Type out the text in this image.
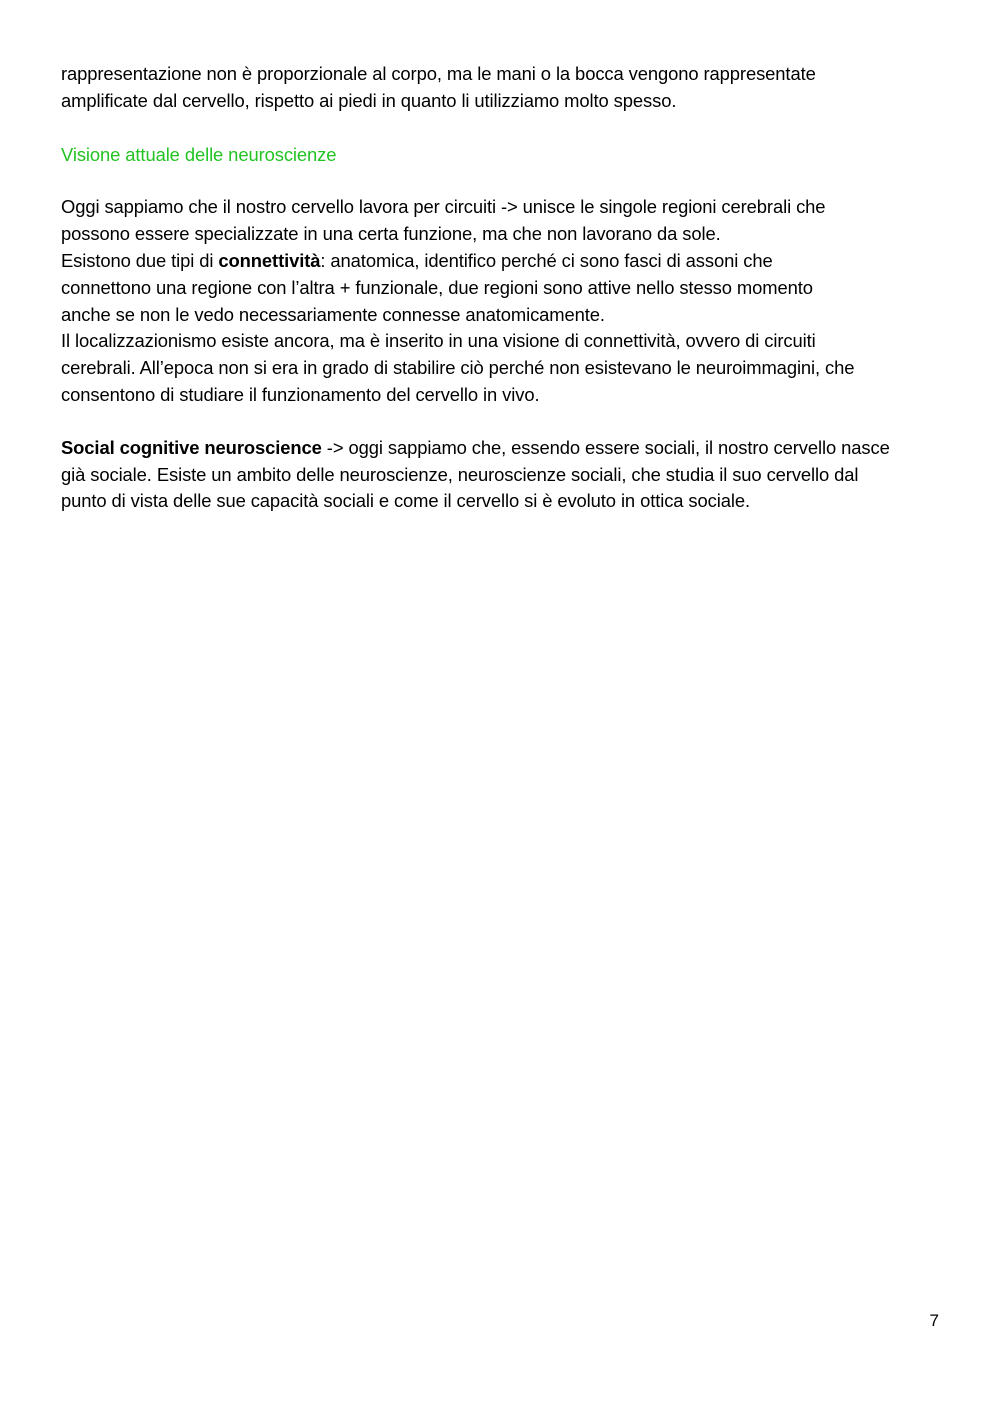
rappresentazione non è proporzionale al corpo, ma le mani o la bocca vengono rappresentate
amplificate dal cervello, rispetto ai piedi in quanto li utilizziamo molto spesso.
Visione attuale delle neuroscienze
Oggi sappiamo che il nostro cervello lavora per circuiti -> unisce le singole regioni cerebrali che
possono essere specializzate in una certa funzione, ma che non lavorano da sole.
Esistono due tipi di connettività: anatomica, identifico perché ci sono fasci di assoni che
connettono una regione con l’altra + funzionale, due regioni sono attive nello stesso momento
anche se non le vedo necessariamente connesse anatomicamente.
Il localizzazionismo esiste ancora, ma è inserito in una visione di connettività, ovvero di circuiti
cerebrali. All’epoca non si era in grado di stabilire ciò perché non esistevano le neuroimmagini, che
consentono di studiare il funzionamento del cervello in vivo.
Social cognitive neuroscience -> oggi sappiamo che, essendo essere sociali, il nostro cervello nasce
già sociale. Esiste un ambito delle neuroscienze, neuroscienze sociali, che studia il suo cervello dal
punto di vista delle sue capacità sociali e come il cervello si è evoluto in ottica sociale.
7
